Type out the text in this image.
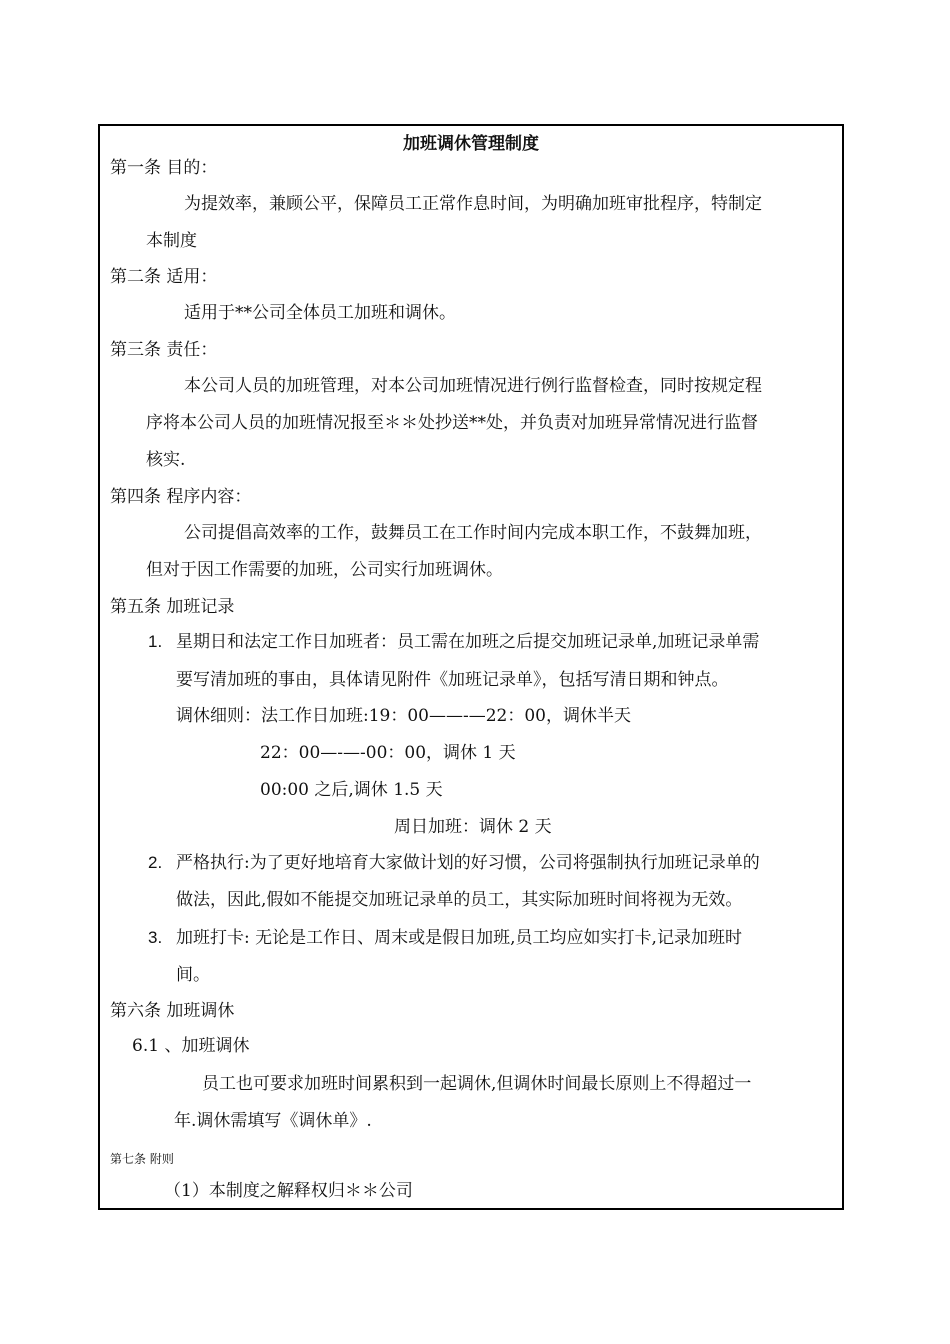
加班调休管理制度
第一条 目的：
为提效率，兼顾公平，保障员工正常作息时间，为明确加班审批程序，特制定
本制度
第二条 适用：
适用于**公司全体员工加班和调休。
第三条 责任：
本公司人员的加班管理，对本公司加班情况进行例行监督检查，同时按规定程
序将本公司人员的加班情况报至＊＊处抄送**处，并负责对加班异常情况进行监督
核实.
第四条 程序内容：
公司提倡高效率的工作，鼓舞员工在工作时间内完成本职工作，不鼓舞加班，
但对于因工作需要的加班，公司实行加班调休。
第五条 加班记录
1. 星期日和法定工作日加班者：员工需在加班之后提交加班记录单,加班记录单需
要写清加班的事由，具体请见附件《加班记录单》，包括写清日期和钟点。
调休细则：法工作日加班:19：00——-—22：00，调休半天
22：00—-—-00：00，调休 1 天
00:00 之后,调休 1.5 天
周日加班：调休 2 天
2. 严格执行:为了更好地培育大家做计划的好习惯，公司将强制执行加班记录单的
做法，因此,假如不能提交加班记录单的员工，其实际加班时间将视为无效。
3. 加班打卡: 无论是工作日、周末或是假日加班,员工均应如实打卡,记录加班时
间。
第六条 加班调休
6.1 、加班调休
员工也可要求加班时间累积到一起调休,但调休时间最长原则上不得超过一
年.调休需填写《调休单》.
第七条 附则
（1）本制度之解释权归＊＊公司
